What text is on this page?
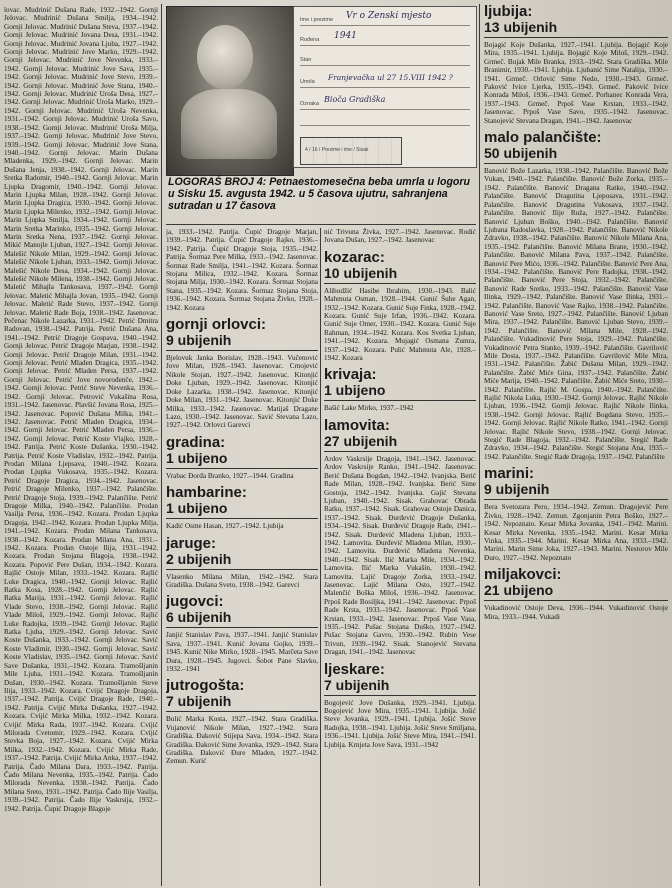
lovac. Mudrinić Dušana Rade, 1932.–1942. Gornji Jelovac. Mudrinić Dušana Smilja, 1934.–1942. Gornji Jelovac. Mudrinić Dušana Steva, 1937.–1942. Gornji Jelovac. Mudrinić Jovana Desa, 1931.–1942. Gornji Jelovac. Mudrinić Jovana Ljuba, 1927.–1942. Gornji Jelovac. Mudrinić Jove Marko, 1929.–1942. Gornji Jelovac. Mudrinić Jove Nevenka, 1933.–1942. Gornji Jelovac. Mudrinić Jove Sava, 1935.–1942. Gornji Jelovac. Mudrinić Jove Stevo, 1939.–1942. Gornji Jelovac. Mudrinić Jove Stana, 1940.–1942. Gornji Jelovac. Mudrinić Uroša Desa, 1927.–1942. Gornji Jelovac. Mudrinić Uroša Marko, 1929.–1942. Gornji Jelovac. Mudrinić Uroša Nevenka, 1931.–1942. Gornji Jelovac. Mudrinić Uroša Savo, 1938.–1942. Gornji Jelovac. Mudrinić Uroša Milja, 1937.–1942. Gornji Jelovac. Mudrinić Jove Stevo, 1939.–1942. Gornji Jelovac. Mudrinić Jove Stana, 1940.–1942. Gornji Jelovac. Marin Dušana Mladenka, 1929.–1942. Gornji Jelovac. Marin Dušana Jenja, 1938.–1942. Gornji Jelovac. Marin Sretka Radomir, 1940.–1942. Gornji Jelovac. Marin Ljupka Dragomir, 1940.–1942. Gornji Jelovac. Marin Ljupka Milan, 1928.–1942. Gornji Jelovac. Marin Ljupka Dragica, 1930.–1942. Gornji Jelovac. Marin Ljupka Milenko, 1932.–1942. Gornji Jelovac. Marin Ljupka Smilja, 1934.–1942. Gornji Jelovac. Marin Sretka Marinko, 1935.–1942. Gornji Jelovac. Marin Sretka Nena, 1937.–1942. Gornji Jelovac. Mikić Manojle Ljuban, 1927.–1942. Gornji Jelovac. Malešić Nikole Milan, 1929.–1942. Gornji Jelovac. Malešić Nikole Ljuban, 1933.–1942. Gornji Jelovac. Malešić Nikole Desa, 1934.–1942. Gornji Jelovac. Malešić Nikole Milena, 1938.–1942. Gornji Jelovac. Maletić Mihajla Tankosava, 1937.–1942. Gornji Jelovac. Maletić Mihajla Jovan, 1935.–1942. Gornji Jelovac. Maletić Rade Stevo, 1937.–1942. Gornji Jelovac. Maletić Rade Boja, 1938.–1942. Jasenovac. Pečenac Nikole Lazarka, 1931.–1942. Petrić Dmitra Radovan, 1938.–1942. Patrija. Petrić Dušana Ana, 1941.–1942. Petrić Dragoje Gospava, 1940.–1942. Gornji Jelovac. Petrić Dragoje Marjan, 1938.–1942. Gornji Jelovac. Petrić Dragoje Milan, 1931.–1942. Gornji Jelovac. Petrić Mladen Dragica, 1935.–1942. Gornji Jelovac. Petrić Mladen Persa, 1937.–1942. Gornji Jelovac. Petrić Jove novorođenče, 1942.–1942. Gornji Jelovac. Petrić Steve Nevenka, 1936.–1942. Gornji Jelovac. Petrović Vukašina Rosa, 1931.–1942. Jasenovac. Plavšić Jovana Rosa, 1925.–1942. Jasenovac. Popović Dušana Milka, 1941.–1942. Jasenovac. Petrić Mladen Dragica, 1934.–1942. Gornji Jelovac. Petrić Mladen Persa, 1936.–1942. Gornji Jelovac. Petrić Koste Vlajko, 1928.–1942. Patrija. Petrić Koste Dušanka, 1930.–1942. Patrija. Petrić Koste Vladislav, 1932.–1942. Patrija. Prodan Milana Ljepsava, 1940.–1942. Kozara. Prodan Ljupka Vukosava, 1935.–1942. Kozara. Petrić Dragoje Dragica, 1934.–1942. Jasenovac. Petrić Dragoje Milenko, 1937.–1942. Palančište. Petrić Dragoje Stoja, 1939.–1942. Palančište. Petrić Dragoje Milka, 1940.–1942. Palančište. Prodan Vasilja Persa, 1936.–1942. Kozara. Prodan Ljupka Dragoja, 1942.–1942. Kozara. Prodan Ljupka Milja, 1941.–1942. Kozara. Prodan Milana Tankosava, 1938.–1942. Kozara. Prodan Milana Ana, 1931.–1942. Kozara. Prodan Ostoje Ilija, 1931.–1942. Kozara. Prodan Stojana Blagoja, 1938.–1942. Kozara. Popović Pere Dušan, 1934.–1942. Kozara. Rajlić Ostoje Milan, 1933.–1942. Kozara. Rajlić Luke Dragica, 1940.–1942. Gornji Jelovac. Rajlić Ratka Kosa, 1928.–1942. Gornji Jelovac. Rajlić Ratka Marija, 1931.–1942. Gornji Jelovac. Rajlić Vlade Stevo, 1938.–1942. Gornji Jelovac. Rajlić Vlade Miloš, 1929.–1942. Gornji Jelovac. Rajlić Luke Radojka, 1939.–1942. Gornji Jelovac. Rajlić Ratka Ljuba, 1929.–1942. Gornji Jelovac. Savić Koste Dušanka, 1933.–1942. Gornji Jelovac. Savić Koste Vladimir, 1930.–1942. Gornji Jelovac. Savić Koste Vladislav, 1935.–1942. Gornji Jelovac. Savić Save Dušanka, 1931.–1942. Kozara. Tramošljanin Mile Ljuba, 1931.–1942. Kozara. Tramošljanin Dušan, 1930.–1942. Kozara. Tramošljanin Steve Ilija, 1933.–1942. Kozara. Cvijić Dragoje Dragoja, 1937.–1942. Patrija. Cvijić Dragoje Rade, 1940.–1942. Patrija. Cvijić Mirka Dušanka, 1927.–1942. Kozara. Cvijić Mirka Milka, 1932.–1942. Kozara. Cvijić Mirka Rada, 1937.–1942. Kozara. Cvijić Milorada Cvetomir, 1929.–1942. Kozara. Cvijić Stevka Boja, 1927.–1942. Kozara. Cvijić Mirka Milka, 1932.–1942. Kozara. Cvijić Mirka Rade, 1937.–1942. Patrija. Cvijić Mirka Anka, 1937.–1942. Patrija. Čado Milana Dara, 1933.–1942. Patrija. Čado Milana Nevenka, 1935.–1942. Patrija. Čado Milorada Nevenka, 1938.–1942. Patrija. Čado Milana Sreto, 1931.–1942. Patrija. Čado Ilije Vasilja, 1939.–1942. Patrija. Čado Ilije Vaskrsija, 1932.–1942. Patrija. Čupić Dragoje Blagoje
Ime i prezime Vr o Zenski mjesto
Rođena 1941
Stan
Umrla Franjevačka ul 27 15.VIII 1942 ?
Oznaka Bioča Gradiška
4 / 16 / Prezime i ime / Sisak
LOGORAŠ BROJ 4: Petnaestomesečna beba umrla u logoru u Sisku 15. avgusta 1942. u 5 časova ujutru, sahranjena sutradan u 17 časova
ja, 1933.–1942. Patrija. Čupić Dragoje Marjan, 1939.–1942. Patrija. Čupić Dragoje Rajko, 1936.–1942. Patrija. Čupić Dragoje Stoja, 1935.–1942. Patrija. Šormaz Pere Milka, 1933.–1942. Jasenovac. Šormaz Rade Smilja, 1941.–1942. Kozara. Šormaz Stojana Milica, 1932.–1942. Kozara. Šormaz Stojana Milja, 1930.–1942. Kozara. Šormaz Stojana Stana, 1935.–1942. Kozara. Šormaz Stojana Stoja, 1936.–1942. Kozara. Šormaz Stojana Živko, 1928.–1942. Kozara
gornji orlovci:
9 ubijenih
Bjelovuk Janka Borislav, 1928.–1943. Vučenović Jove Milan, 1928.–1943. Jasenovac. Crnojević Nikole Stojan, 1927.–1942. Jasenovac. Kitonjić Doke Ljuban, 1929.–1942. Jasenovac. Kitonjić Doke Lazarka, 1938.–1942. Jasenovac. Kitonjić Doke Milan, 1931.–1942. Jasenovac. Kitonjić Doke Milka, 1933.–1942. Jasenovac. Matijaš Dragane Lazo, 1930.–1942. Jasenovac. Savić Stevana Lazo, 1927.–1942. Orlovci Garevci
gradina:
1 ubijeno
Vrabac Đorđa Branko, 1927.–1944. Gradina
hambarine:
1 ubijeno
Kadić Osme Hasan, 1927.–1942. Ljubija
jaruge:
2 ubijenih
Vlasenko Milana Milan, 1942.–1942. Stara Gradiška. Dušana Sveto, 1938.–1942. Garevci
jugovci:
6 ubijenih
Janjić Stanislav Pava, 1937.–1941. Janjić Stanislav Sava, 1937.–1941. Kunić Jovana Gojko, 1939.–1945. Kunić Nike Mirko, 1928.–1945. Marčeta Save Dura, 1928.–1945. Jugovci. Šobot Pane Slavko, 1932.–1941
jutrogošta:
7 ubijenih
Bulić Marka Kosta, 1927.–1942. Stara Gradiška. Vujanović Nikole Milan, 1927.–1942. Stara Gradiška. Đaković Stijepa Sava, 1934.–1942. Stara Gradiška. Đaković Sime Jovanka, 1929.–1942. Stara Gradiška. Đaković Đure Mladen, 1927.–1942. Zemun. Kurić
nić Trivuna Živka, 1927.–1942. Jasenovac. Rodić Jovana Dušan, 1927.–1942. Jasenovac
kozarac:
10 ubijenih
Alihodžić Hasibe Ibrahim, 1930.–1943. Balić Mahmuta Osman, 1928.–1944. Gunić Šuhe Agan, 1932.–1942. Kozara. Gunić Suje Finka, 1928.–1942. Kozara. Gunić Suje Irfan, 1936.–1942. Kozara. Gunić Suje Omer, 1930.–1942. Kozara. Gunić Suje Rahman, 1934.–1942. Kozara. Kos Svetka Ljuban, 1941.–1942. Kozara. Mujagić Osmana Zumra, 1937.–1942. Kozara. Pulić Mahmuta Ale, 1928.–1942. Kozara
krivaja:
1 ubijeno
Bašić Lake Mirko, 1937.–1942
lamovita:
27 ubijenih
Ardov Vaskrsije Dragoja, 1941.–1942. Jasenovac. Ardov Vaskrsije Ranko, 1941.–1942. Jasenovac. Berić Dušana Bogdan, 1942.–1942. Ivanjska. Berić Rade Milan, 1928.–1942. Ivanjska. Berić Sime Gostoja, 1942.–1942. Ivanjska. Gajić Stevana Ljuban, 1940.–1942. Sisak. Grahovac Obrada Ratko, 1937.–1942. Sisak. Grahovac Ostoje Danica, 1937.–1942. Sisak. Đurđević Dragoje Dušanka, 1934.–1942. Sisak. Đurđević Dragoje Rade, 1941.–1942. Sisak. Đurđević Mladena Ljuban, 1933.–1942. Lamovita. Đurđević Mladena Milan, 1930.–1942. Lamovita. Đurđević Mladena Nevenka, 1940.–1942. Sisak. Ilić Marka Mile, 1934.–1942. Lamovita. Ilić Marka Vukašin, 1930.–1942. Lamovita. Lajić Dragoje Zorka, 1933.–1942. Jasenovac. Lajić Milana Osto, 1927.–1942. Malenčić Boška Miloš, 1936.–1942. Jasenovac. Prpoš Rade Bosiljka, 1941.–1942. Jasenovac. Prpoš Rade Krsta, 1933.–1942. Jasenovac. Prpoš Vase Krstan, 1933.–1942. Jasenovac. Prpoš Vase Vasa, 1935.–1942. Pušac Stojana Duško, 1927.–1942. Pušac Stojana Gavro, 1930.–1942. Rubin Vese Trivun, 1939.–1942. Sisak. Stanojević Stevana Dragan, 1941.–1942. Jasenovac
ljeskare:
7 ubijenih
Bogojević Jove Dušanka, 1929.–1941. Ljubija. Bogojević Jove Mira, 1935.–1941. Ljubija. Jošić Steve Jovanka, 1929.–1941. Ljubija. Jošić Steve Radojka, 1938.–1941. Ljubija. Jošić Steve Smiljana, 1936.–1941. Ljubija. Jošić Steve Mira, 1941.–1941. Ljubija. Krnjeta Jove Sava, 1931.–1942
ljubija:
13 ubijenih
Bojagić Koje Dušanka, 1927.–1941. Ljubija. Bojagić Koje Mira, 1935.–1941. Ljubija. Bojagić Koje Miloš, 1929.–1942. Grmeč. Bujak Mile Branka, 1933.–1942. Stara Gradiška. Mile Branimir, 1930.–1941. Ljubija. Ljubanić Sime Natalija, 1930.–1941. Grmeč. Orlović Sime Nedo, 1930.–1943. Grmeč. Paković Ivice Ljerka, 1935.–1943. Grmeč. Paković Ivice Konrada Miloš, 1936.–1943. Grmeč. Porhanec Konrada Vera, 1937.–1943. Grmeč. Prpoš Vase Krstan, 1933.–1942. Jasenovac. Prpoš Vase Savo, 1935.–1942. Jasenovac. Stanojević Stevana Dragan, 1941.–1942. Jasenovac
malo palančište:
50 ubijenih
Banović Bože Lazarka, 1938.–1942. Palančište. Banović Bože Vukan, 1940.–1942. Palančište. Banović Bože Zorka, 1935.–1942. Palančište. Banović Dragana Ratko, 1940.–1942. Palančište. Banović Dragutina Ljeposava, 1931.–1942. Palančište. Banović Dragutina Vukosava, 1937.–1942. Palančište. Banović Ilije Ruža, 1927.–1942. Palančište. Banović Ljuban Boško, 1940.–1942. Palančište. Banović Ljubana Radoslavka, 1928.–1942. Palančište. Banović Nikole Zdravko, 1938.–1942. Palančište. Banović Nikole Milana Ana, 1935.–1942. Palančište. Banović Milana Brane, 1930.–1942. Palančište. Banović Milana Pava, 1937.–1942. Palančište. Banović Pere Mićo, 1936.–1942. Palančište. Banović Pere Ana, 1934.–1942. Palančište. Banović Pere Radojka, 1938.–1942. Palančište. Banović Pere Stoja, 1932.–1942. Palančište. Banović Rade Sretko, 1933.–1942. Palančište. Banović Vase Ilinka, 1929.–1942. Palančište. Banović Vase Ilinka, 1931.–1942. Palančište. Banović Vase Rajko, 1938.–1942. Palančište. Banović Vase Sreto, 1927.–1942. Palančište. Banović Ljuban Mira, 1937.–1942. Palančište. Banović Ljuban Stevo, 1939.–1942. Palančište. Banović Milana Mile, 1928.–1942. Palančište. Vukadinović Pere Stoja, 1929.–1942. Palančište. Vukadinović Petra Stanko, 1939.–1942. Palančište. Gavrilović Mile Dosta, 1937.–1942. Palančište. Gavrilović Mile Mira, 1931.–1942. Palančište. Žabić Dušana Milan, 1929.–1942. Palančište. Žabić Miće Gina, 1937.–1942. Palančište. Žabić Miće Marija, 1940.–1942. Palančište. Žabić Miće Sreto, 1930.–1942. Palančište. Rajlić M. Gospa, 1940.–1942. Palančište. Rajlić Nikola Luka, 1930.–1942. Gornji Jelovac. Rajlić Nikole Ljuban, 1936.–1942. Gornji Jelovac. Rajlić Nikole Ilinka, 1938.–1942. Gornji Jelovac. Rajlić Bogdana Stevo, 1935.–1942. Gornji Jelovac. Rajlić Nikole Ratko, 1941.–1942. Gornji Jelovac. Rajlić Nikole Stevo, 1938.–1942. Gornji Jelovac. Stegić Rade Blagoja, 1932.–1942. Palančište. Stegić Rade Zdravko, 1934.–1942. Palančište. Stegić Stojana Ana, 1935.–1942. Palančište. Stegić Rade Dragoja, 1937.–1942. Palančište
marini:
9 ubijenih
Bera Svetozara Pero, 1934.–1942. Zemun. Dragojević Pere Živko, 1928.–1942. Zemun. Zgonjanin Petra Boško, 1927.–1942. Nepoznato. Kesar Mirka Jovanka, 1941.–1942. Marini. Kesar Mirka Nevenka, 1935.–1942. Marini. Kesar Mirka Vinka, 1935.–1944. Marini. Kesar Mirka Ana, 1933.–1942. Marini. Marin Sime Joka, 1927.–1943. Marini. Nestorov Mile Đuro, 1927.–1942. Nepoznato
miljakovci:
21 ubijeno
Vukadinović Ostoje Deva, 1936.–1944. Vukadinović Ostoje Mira, 1933.–1944. Vukadi
